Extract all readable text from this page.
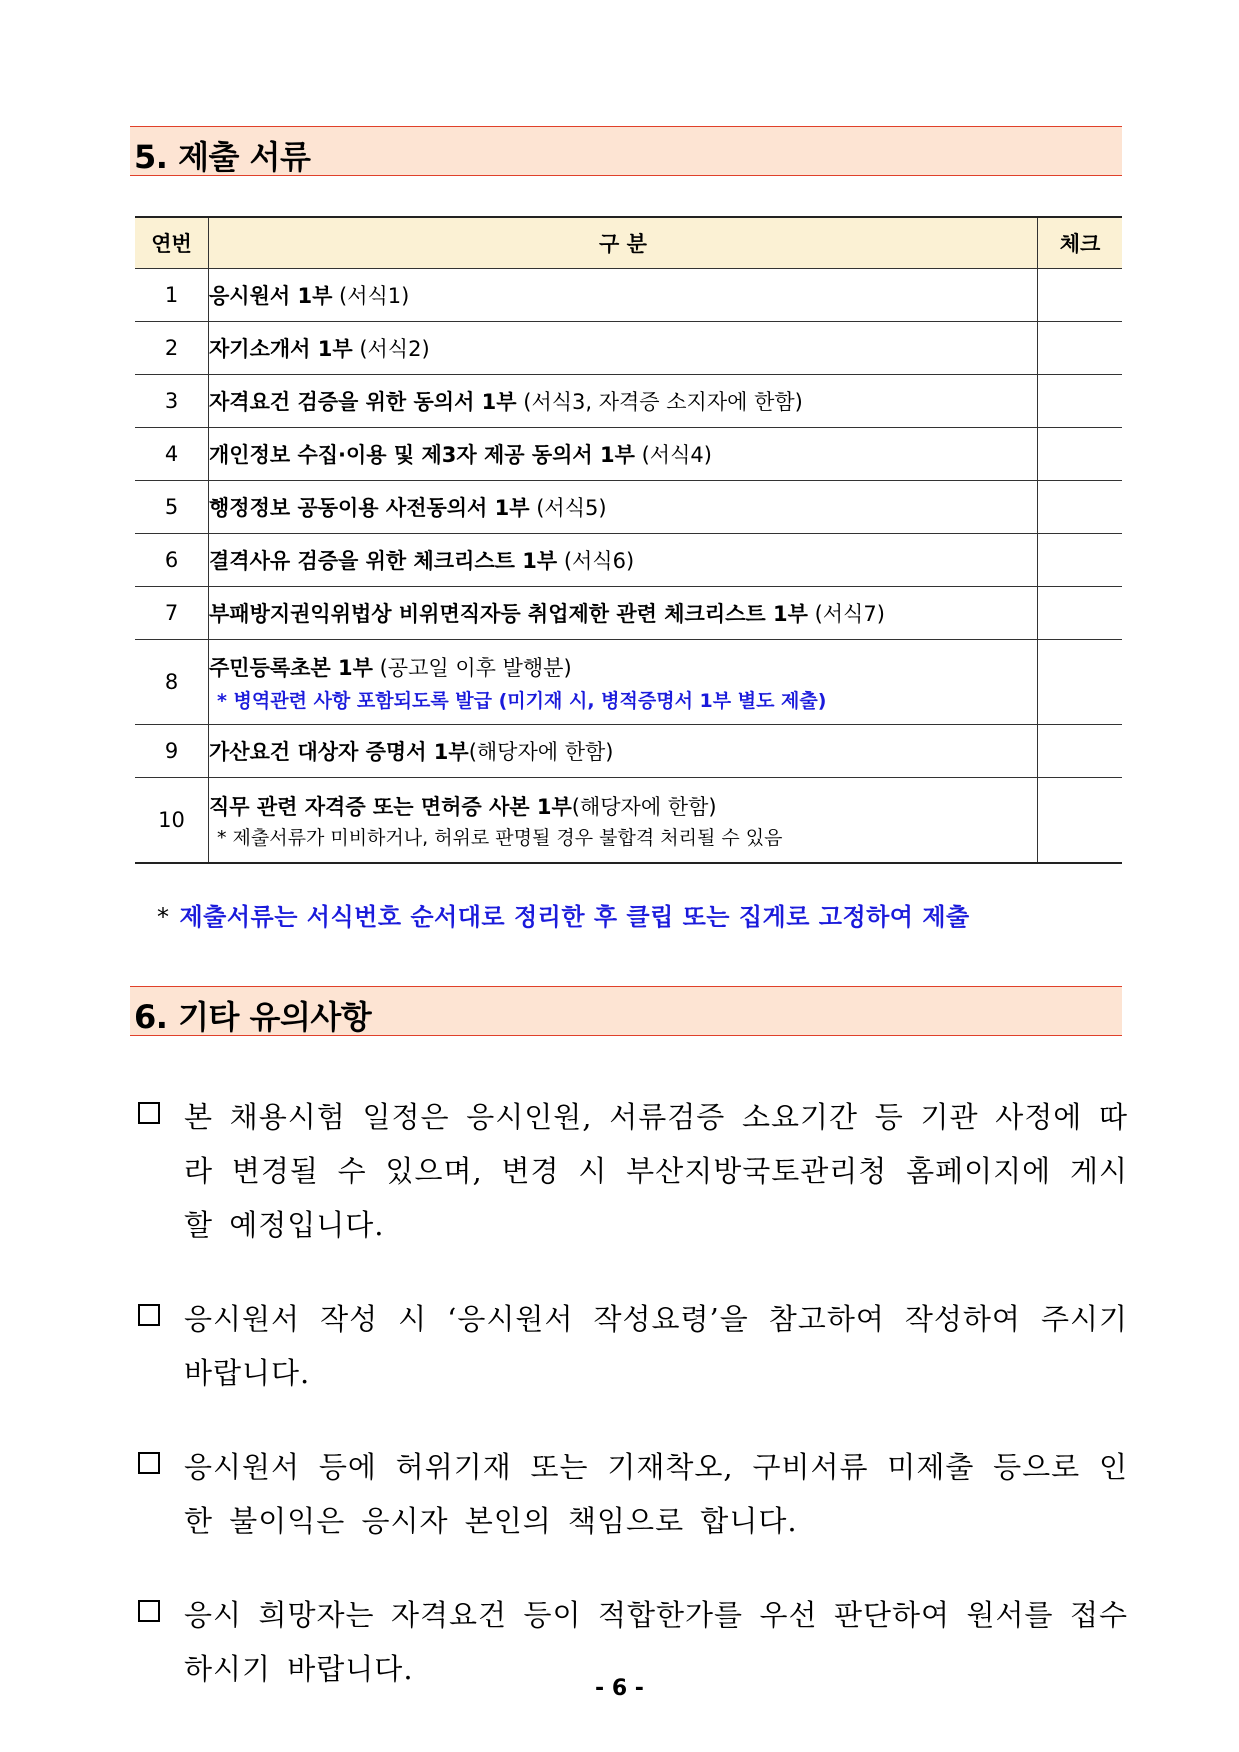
5. 제출 서류
연번	구 분	체크
1	응시원서 1부 (서식1)	
2	자기소개서 1부 (서식2)	
3	자격요건 검증을 위한 동의서 1부 (서식3, 자격증 소지자에 한함)	
4	개인정보 수집·이용 및 제3자 제공 동의서 1부 (서식4)	
5	행정정보 공동이용 사전동의서 1부 (서식5)	
6	결격사유 검증을 위한 체크리스트 1부 (서식6)	
7	부패방지권익위법상 비위면직자등 취업제한 관련 체크리스트 1부 (서식7)	
8	주민등록초본 1부 (공고일 이후 발행분)
* 병역관련 사항 포함되도록 발급 (미기재 시, 병적증명서 1부 별도 제출)	

9	가산요건 대상자 증명서 1부(해당자에 한함)	
10	직무 관련 자격증 또는 면허증 사본 1부(해당자에 한함)
* 제출서류가 미비하거나, 허위로 판명될 경우 불합격 처리될 수 있음	

* 제출서류는 서식번호 순서대로 정리한 후 클립 또는 집게로 고정하여 제출
6. 기타 유의사항
본 채용시험 일정은 응시인원, 서류검증 소요기간 등 기관 사정에 따라 변경될 수 있으며, 변경 시 부산지방국토관리청 홈페이지에 게시할 예정입니다.
응시원서 작성 시 ‘응시원서 작성요령’을 참고하여 작성하여 주시기 바랍니다.
응시원서 등에 허위기재 또는 기재착오, 구비서류 미제출 등으로 인한 불이익은 응시자 본인의 책임으로 합니다.
응시 희망자는 자격요건 등이 적합한가를 우선 판단하여 원서를 접수하시기 바랍니다.
- 6 -
